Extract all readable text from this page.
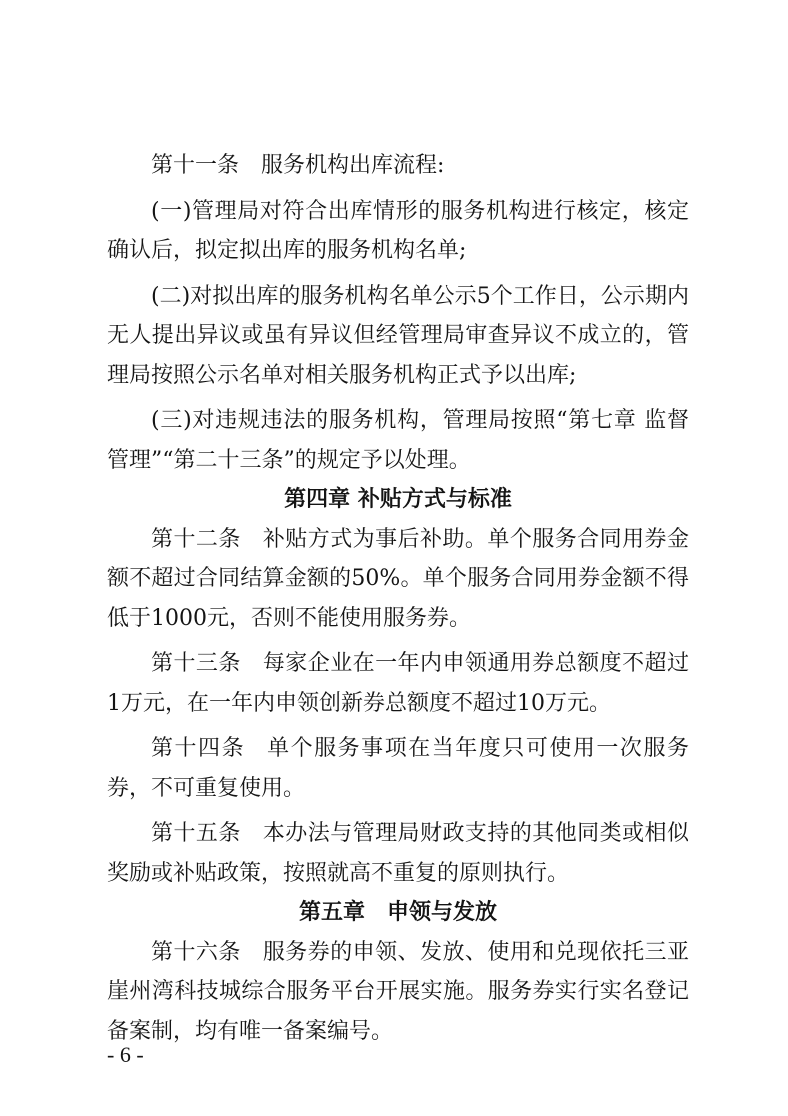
第十一条 服务机构出库流程:

(一)管理局对符合出库情形的服务机构进行核定，核定确认后，拟定拟出库的服务机构名单;

(二)对拟出库的服务机构名单公示5个工作日，公示期内无人提出异议或虽有异议但经管理局审查异议不成立的，管理局按照公示名单对相关服务机构正式予以出库;

(三)对违规违法的服务机构，管理局按照“第七章 监督管理”“第二十三条”的规定予以处理。

第四章 补贴方式与标准

第十二条 补贴方式为事后补助。单个服务合同用券金额不超过合同结算金额的50%。单个服务合同用券金额不得低于1000元，否则不能使用服务券。

第十三条 每家企业在一年内申领通用券总额度不超过1万元，在一年内申领创新券总额度不超过10万元。

第十四条 单个服务事项在当年度只可使用一次服务券，不可重复使用。

第十五条 本办法与管理局财政支持的其他同类或相似奖励或补贴政策，按照就高不重复的原则执行。

第五章　申领与发放

第十六条 服务券的申领、发放、使用和兑现依托三亚崖州湾科技城综合服务平台开展实施。服务券实行实名登记备案制，均有唯一备案编号。

- 6 -
